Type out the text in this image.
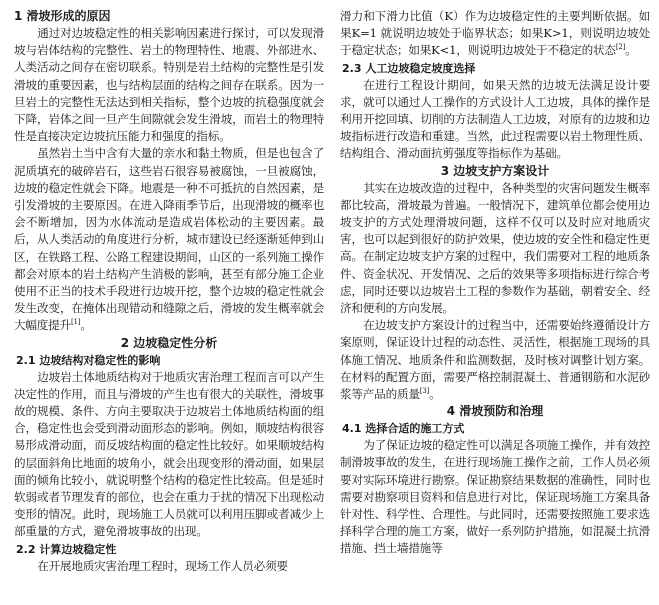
1 滑坡形成的原因

通过对边坡稳定性的相关影响因素进行探讨，可以发现滑坡与岩体结构的完整性、岩土的物理特性、地震、外部进水、人类活动之间存在密切联系。特别是岩土结构的完整性是引发滑坡的重要因素，也与结构层面的结构之间存在联系。因为一旦岩土的完整性无法达到相关指标，整个边坡的抗稳强度就会下降，岩体之间一旦产生间隙就会发生滑坡，而岩土的物理特性是直接决定边坡抗压能力和强度的指标。

虽然岩土当中含有大量的亲水和黏土物质，但是也包含了泥质填充的破碎岩石，这些岩石很容易被腐蚀，一旦被腐蚀，边坡的稳定性就会下降。地震是一种不可抵抗的自然因素，是引发滑坡的主要原因。在进入降雨季节后，出现滑坡的概率也会不断增加，因为水体流动是造成岩体松动的主要因素。最后，从人类活动的角度进行分析，城市建设已经逐渐延伸到山区，在铁路工程、公路工程建设期间，山区的一系列施工操作都会对原本的岩土结构产生消极的影响，甚至有部分施工企业使用不正当的技术手段进行边坡开挖，整个边坡的稳定性就会发生改变，在掩体出现错动和缝隙之后，滑坡的发生概率就会大幅度提升[1]。

2 边坡稳定性分析
2.1 边坡结构对稳定性的影响

边坡岩土体地质结构对于地质灾害治理工程而言可以产生决定性的作用，而且与滑坡的产生也有很大的关联性，滑坡事故的规模、条件、方向主要取决于边坡岩土体地质结构面的组合，稳定性也会受到滑动面形态的影响。例如，顺坡结构很容易形成滑动面，而反坡结构面的稳定性比较好。如果顺坡结构的层面斜角比地面的坡角小，就会出现变形的滑动面，如果层面的倾角比较小，就说明整个结构的稳定性比较高。但是延时软弱或者节理发育的部位，也会在重力于扰的情况下出现松动变形的情况。此时，现场施工人员就可以利用压脚或者减少上部重量的方式，避免滑坡事故的出现。

2.2 计算边坡稳定性

在开展地质灾害治理工程时，现场工作人员必须要

滑力和下滑力比值（K）作为边坡稳定性的主要判断依据。如果K=1 就说明边坡处于临界状态；如果K>1，则说明边坡处于稳定状态；如果K<1，则说明边坡处于不稳定的状态[2]。

2.3 人工边坡稳定坡度选择

在进行工程设计期间，如果天然的边坡无法满足设计要求，就可以通过人工操作的方式设计人工边坡，具体的操作是利用开挖回填、切削的方法制造人工边坡，对原有的边坡和边坡指标进行改造和重建。当然，此过程需要以岩土物理性质、结构组合、滑动面抗剪强度等指标作为基础。

3 边坡支护方案设计

其实在边坡改造的过程中，各种类型的灾害问题发生概率都比较高，滑坡最为普遍。一般情况下，建筑单位都会使用边坡支护的方式处理滑坡问题，这样不仅可以及时应对地质灾害，也可以起到很好的防护效果，使边坡的安全性和稳定性更高。在制定边坡支护方案的过程中，我们需要对工程的地质条件、资金状况、开发情况、之后的效果等多项指标进行综合考虑，同时还要以边坡岩土工程的参数作为基础，朝着安全、经济和便利的方向发展。

在边坡支护方案设计的过程当中，还需要始终遵循设计方案原则，保证设计过程的动态性、灵活性，根据施工现场的具体施工情况、地质条件和监测数据，及时核对调整计划方案。在材料的配置方面，需要严格控制混凝土、普通钢筋和水泥砂浆等产品的质量[3]。

4 滑坡预防和治理
4.1 选择合适的施工方式

为了保证边坡的稳定性可以满足各项施工操作，并有效控制滑坡事故的发生，在进行现场施工操作之前，工作人员必须要对实际环境进行勘察。保证勘察结果数据的准确性，同时也需要对勘察项目资料和信息进行对比，保证现场施工方案具备针对性、科学性、合理性。与此同时，还需要按照施工要求选择科学合理的施工方案，做好一系列防护措施，如混凝土抗滑措施、挡土墙措施等
